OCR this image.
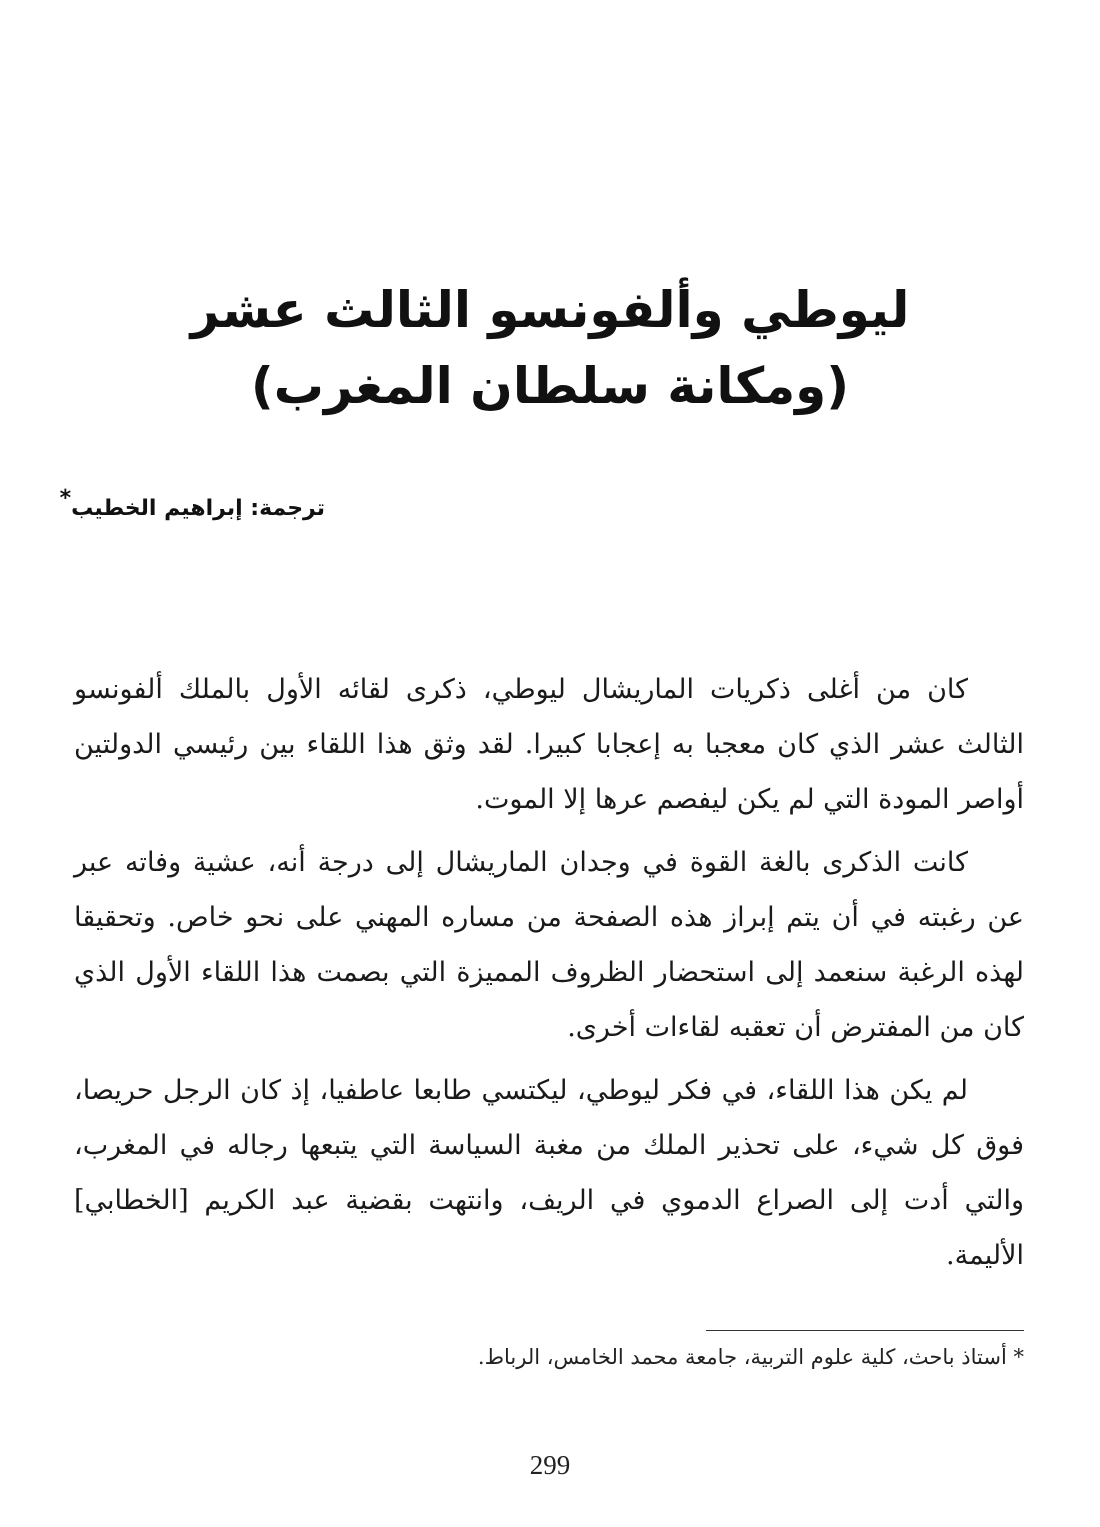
ليوطي وألفونسو الثالث عشر
(ومكانة سلطان المغرب)
ترجمة: إبراهيم الخطيب*

كان من أغلى ذكريات الماريشال ليوطي، ذكرى لقائه الأول بالملك ألفونسو الثالث عشر الذي كان معجبا به إعجابا كبيرا. لقد وثق هذا اللقاء بين رئيسي الدولتين أواصر المودة التي لم يكن ليفصم عرها إلا الموت.

كانت الذكرى بالغة القوة في وجدان الماريشال إلى درجة أنه، عشية وفاته عبر عن رغبته في أن يتم إبراز هذه الصفحة من مساره المهني على نحو خاص. وتحقيقا لهذه الرغبة سنعمد إلى استحضار الظروف المميزة التي بصمت هذا اللقاء الأول الذي كان من المفترض أن تعقبه لقاءات أخرى.

لم يكن هذا اللقاء، في فكر ليوطي، ليكتسي طابعا عاطفيا، إذ كان الرجل حريصا، فوق كل شيء، على تحذير الملك من مغبة السياسة التي يتبعها رجاله في المغرب، والتي أدت إلى الصراع الدموي في الريف، وانتهت بقضية عبد الكريم [الخطابي] الأليمة.

* أستاذ باحث، كلية علوم التربية، جامعة محمد الخامس، الرباط.
299
